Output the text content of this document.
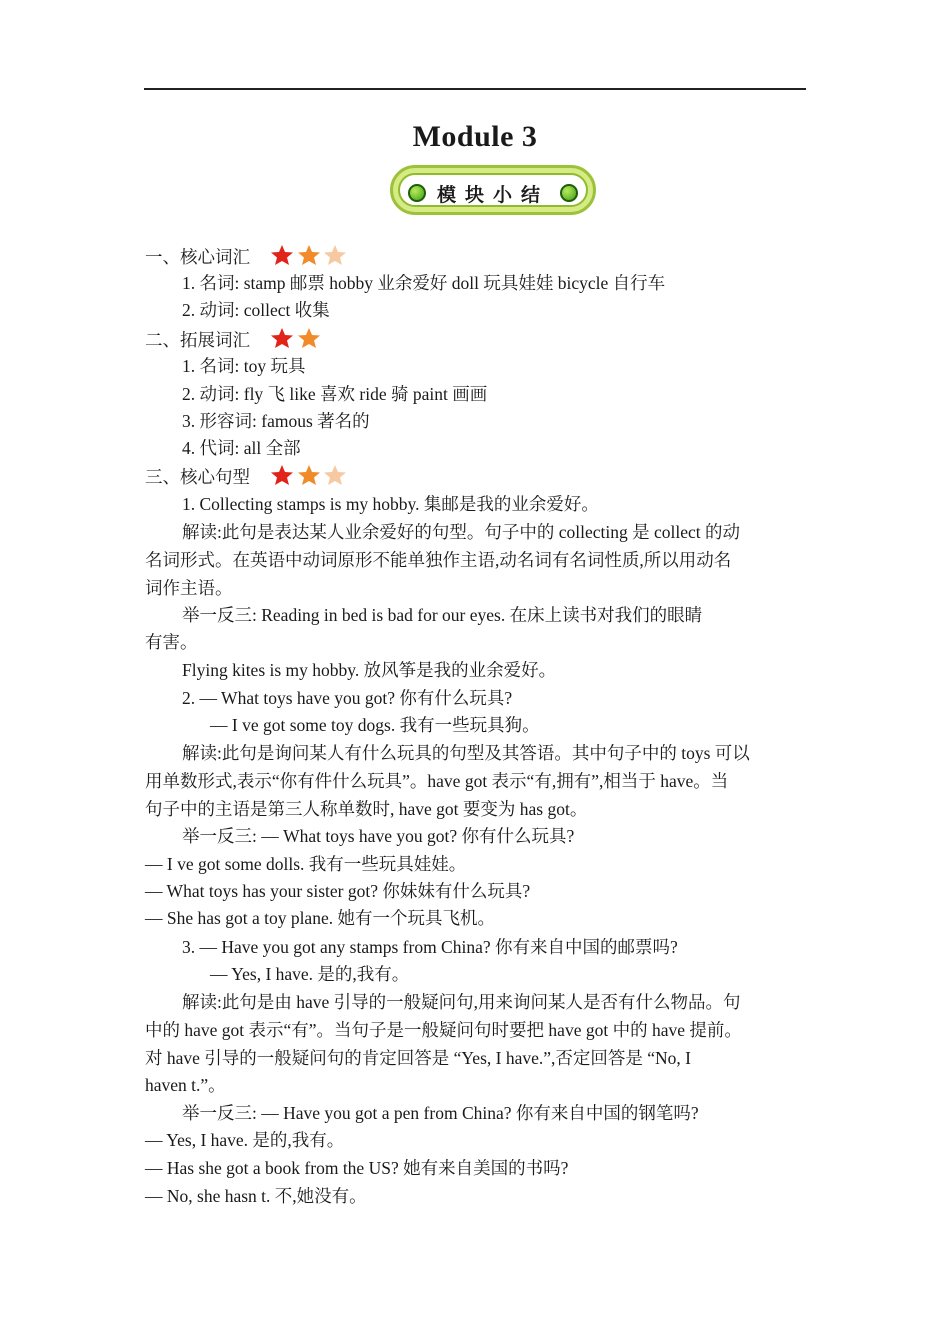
Module 3
模块小结
一、核心词汇
1. 名词: stamp 邮票 hobby 业余爱好 doll 玩具娃娃 bicycle 自行车
2. 动词: collect 收集
二、拓展词汇
1. 名词: toy 玩具
2. 动词: fly 飞 like 喜欢 ride 骑 paint 画画
3. 形容词: famous 著名的
4. 代词: all 全部
三、核心句型
1. Collecting stamps is my hobby. 集邮是我的业余爱好。
解读:此句是表达某人业余爱好的句型。句子中的 collecting 是 collect 的动
名词形式。在英语中动词原形不能单独作主语,动名词有名词性质,所以用动名
词作主语。
举一反三: Reading in bed is bad for our eyes. 在床上读书对我们的眼睛
有害。
Flying kites is my hobby. 放风筝是我的业余爱好。
2. — What toys have you got? 你有什么玩具?
— I ve got some toy dogs. 我有一些玩具狗。
解读:此句是询问某人有什么玩具的句型及其答语。其中句子中的 toys 可以
用单数形式,表示“你有件什么玩具”。have got 表示“有,拥有”,相当于 have。当
句子中的主语是第三人称单数时, have got 要变为 has got。
举一反三: — What toys have you got? 你有什么玩具?
— I ve got some dolls. 我有一些玩具娃娃。
— What toys has your sister got? 你妹妹有什么玩具?
— She has got a toy plane. 她有一个玩具飞机。
3. — Have you got any stamps from China? 你有来自中国的邮票吗?
— Yes, I have. 是的,我有。
解读:此句是由 have 引导的一般疑问句,用来询问某人是否有什么物品。句
中的 have got 表示“有”。当句子是一般疑问句时要把 have got 中的 have 提前。
对 have 引导的一般疑问句的肯定回答是 “Yes, I have.”,否定回答是 “No, I
haven t.”。
举一反三: — Have you got a pen from China? 你有来自中国的钢笔吗?
— Yes, I have. 是的,我有。
— Has she got a book from the US? 她有来自美国的书吗?
— No, she hasn t. 不,她没有。
